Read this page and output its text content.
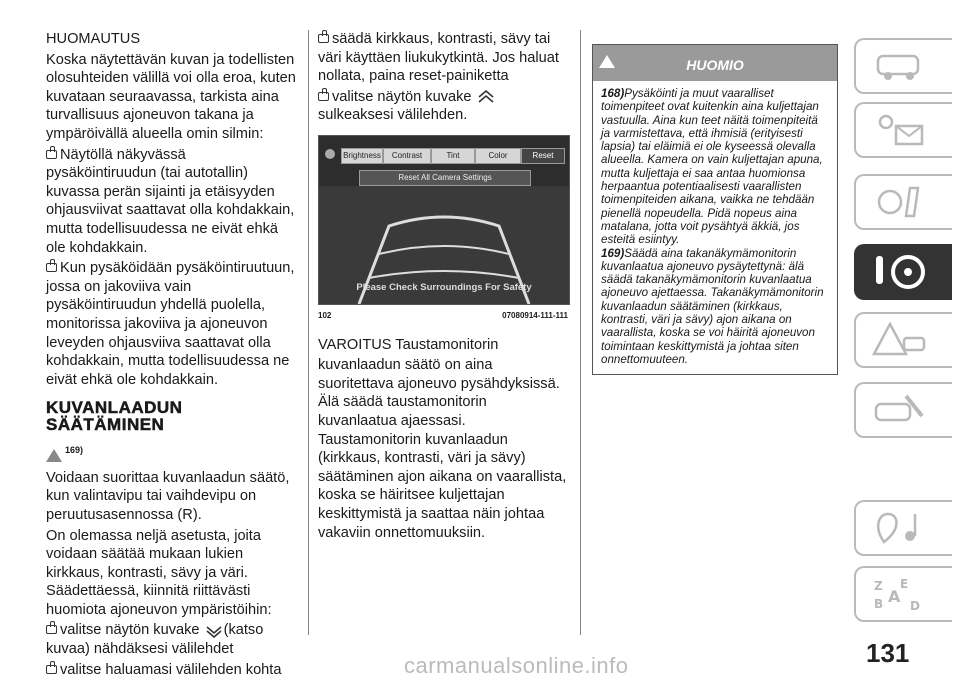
HUOMAUTUS

Koska näytettävän kuvan ja todellisten olosuhteiden välillä voi olla eroa, kuten kuvataan seuraavassa, tarkista aina turvallisuus ajoneuvon takana ja ympäröivällä alueella omin silmin:

Näytöllä näkyvässä pysäköintiruudun (tai autotallin) kuvassa perän sijainti ja etäisyyden ohjausviivat saattavat olla kohdakkain, mutta todellisuudessa ne eivät ehkä ole kohdakkain.

Kun pysäköidään pysäköintiruutuun, jossa on jakoviiva vain pysäköintiruudun yhdellä puolella, monitorissa jakoviiva ja ajoneuvon leveyden ohjausviiva saattavat olla kohdakkain, mutta todellisuudessa ne eivät ehkä ole kohdakkain.

KUVANLAADUN
SÄÄTÄMINEN
$^{169)}$

Voidaan suorittaa kuvanlaadun säätö, kun valintavipu tai vaihdevipu on peruutusasennossa (R).

On olemassa neljä asetusta, joita voidaan säätää mukaan lukien kirkkaus, kontrasti, sävy ja väri. Säädettäessä, kiinnitä riittävästi huomiota ajoneuvon ympäristöihin:

valitse näytön kuvake (katso kuvaa) nähdäksesi välilehdet

valitse haluamasi välilehden kohta

säädä kirkkaus, kontrasti, sävy tai väri käyttäen liukukytkintä. Jos haluat nollata, paina reset-painiketta

valitse näytön kuvake sulkeaksesi välilehden.

Brightness	Contrast	Tint	Color	Reset
Reset All Camera Settings
Please Check Surroundings For Safety
102	07080914-111-111

VAROITUS Taustamonitorin

kuvanlaadun säätö on aina suoritettava ajoneuvo pysähdyksissä. Älä säädä taustamonitorin kuvanlaatua ajaessasi. Taustamonitorin kuvanlaadun (kirkkaus, kontrasti, väri ja sävy) säätäminen ajon aikana on vaarallista, koska se häiritsee kuljettajan keskittymistä ja saattaa näin johtaa vakaviin onnettomuuksiin.

HUOMIO
168)Pysäköinti ja muut vaaralliset toimenpiteet ovat kuitenkin aina kuljettajan vastuulla. Aina kun teet näitä toimenpiteitä ja varmistettava, että ihmisiä (erityisesti lapsia) tai eläimiä ei ole kyseessä olevalla alueella. Kamera on vain kuljettajan apuna, mutta kuljettaja ei saa antaa huomionsa herpaantua potentiaalisesti vaarallisten toimenpiteiden aikana, vaikka ne tehdään pienellä nopeudella. Pidä nopeus aina matalana, jotta voit pysähtyä äkkiä, jos esteitä esiintyy.
169)Säädä aina takanäkymämonitorin kuvanlaatua ajoneuvo pysäytettynä: älä säädä takanäkymämonitorin kuvanlaatua ajoneuvo ajettaessa. Takanäkymämonitorin kuvanlaadun säätäminen (kirkkaus, kontrasti, väri ja sävy) ajon aikana on vaarallista, koska se voi häiritä ajoneuvon toimintaan keskittymistä ja johtaa siten onnettomuuteen.
Z E
A
B D
131
carmanualsonline.info
